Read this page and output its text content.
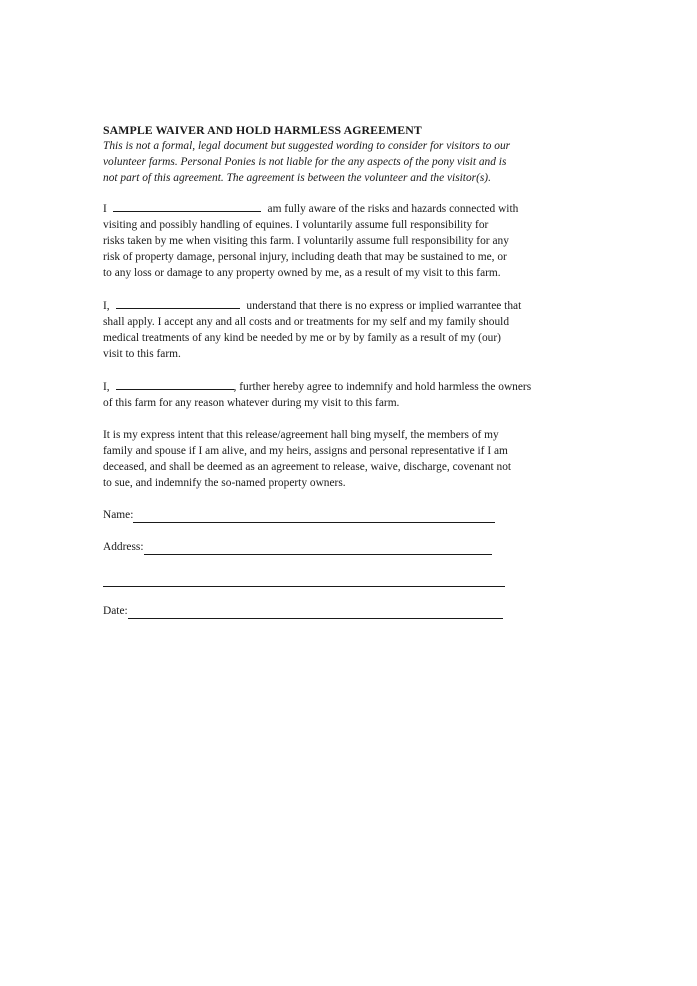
SAMPLE WAIVER AND HOLD HARMLESS AGREEMENT

This is not a formal, legal document but suggested wording to consider for visitors to our
volunteer farms. Personal Ponies is not liable for the any aspects of the pony visit and is
not part of this agreement. The agreement is between the volunteer and the visitor(s).

I	am fully aware of the risks and hazards connected with
visiting and possibly handling of equines. I voluntarily assume full responsibility for
risks taken by me when visiting this farm. I voluntarily assume full responsibility for any
risk of property damage, personal injury, including death that may be sustained to me, or
to any loss or damage to any property owned by me, as a result of my visit to this farm.

I,	understand that there is no express or implied warrantee that
shall apply. I accept any and all costs and or treatments for my self and my family should
medical treatments of any kind be needed by me or by by family as a result of my (our)
visit to this farm.

I,	, further hereby agree to indemnify and hold harmless the owners
of this farm for any reason whatever during my visit to this farm.

It is my express intent that this release/agreement hall bing myself, the members of my
family and spouse if I am alive, and my heirs, assigns and personal representative if I am
deceased, and shall be deemed as an agreement to release, waive, discharge, covenant not
to sue, and indemnify the so-named property owners.

Name:
Address:
Date:
